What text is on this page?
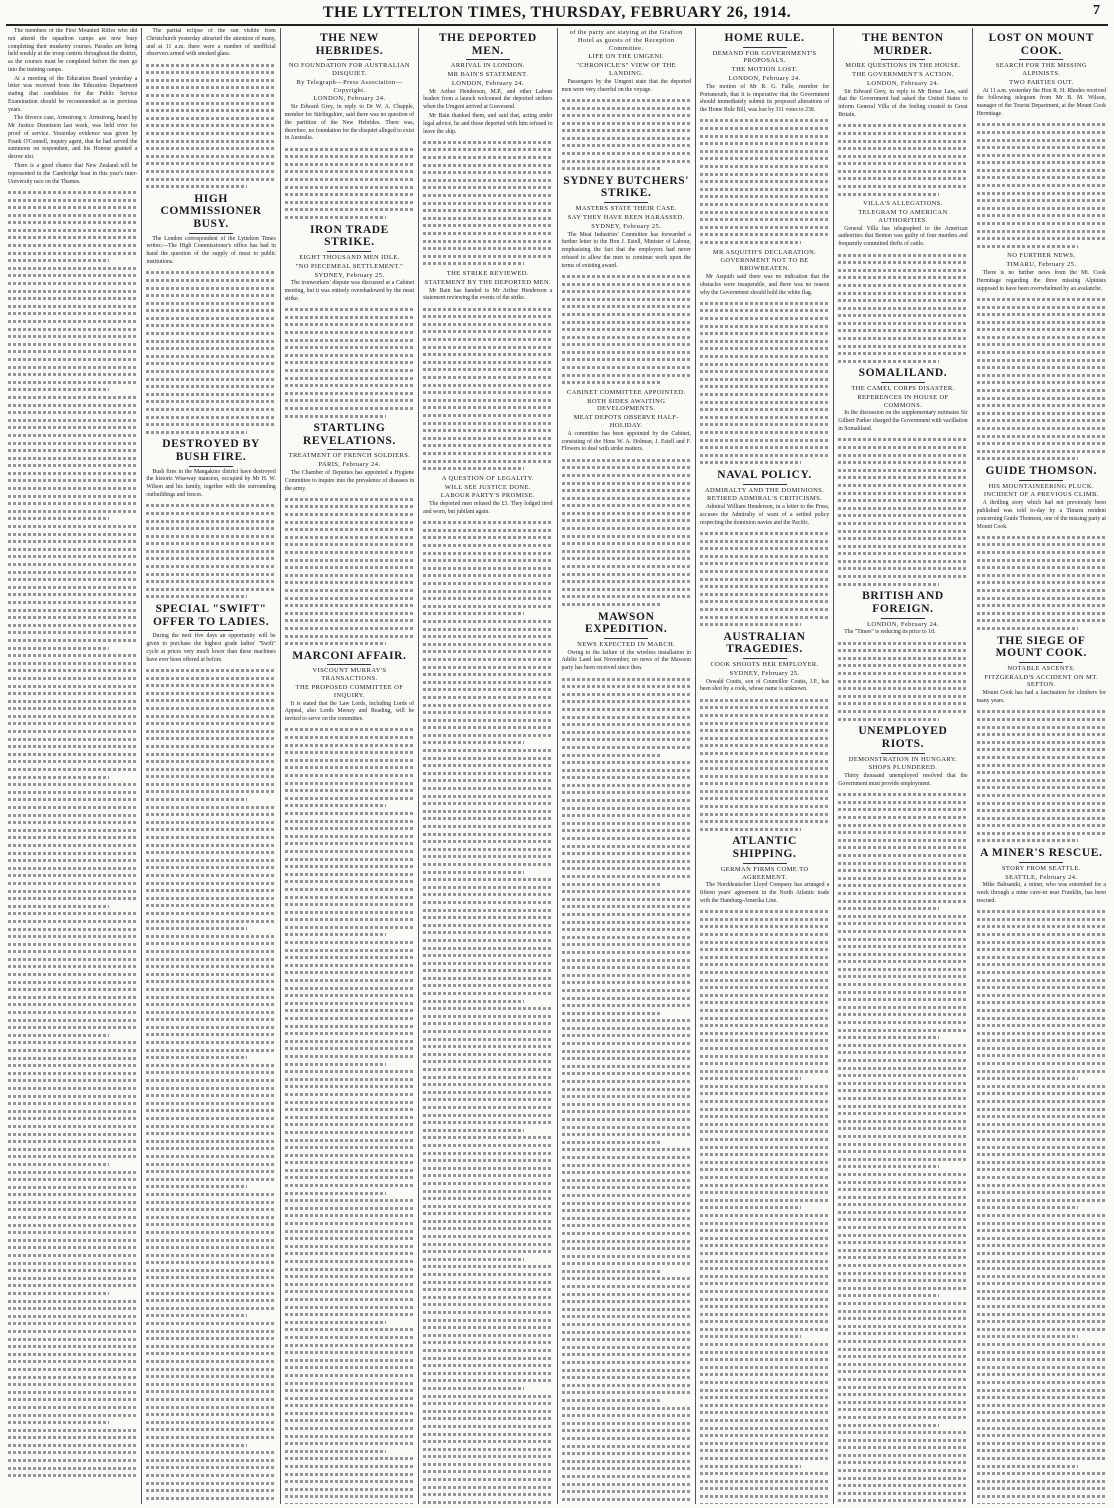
THE LYTTELTON TIMES, THURSDAY, FEBRUARY 26, 1914.	7

The members of the First Mounted Rifles who did not attend the squadron camps are now busy completing their musketry courses. Parades are being held weekly at the troop centres throughout the district, as the courses must be completed before the men go into the training camps.

At a meeting of the Education Board yesterday a letter was received from the Education Department stating that candidates for the Public Service Examination should be recommended as in previous years.

The divorce case, Armstrong v. Armstrong, heard by Mr Justice Denniston last week, was held over for proof of service. Yesterday evidence was given by Frank O'Connell, inquiry agent, that he had served the summons on respondent, and his Honour granted a decree nisi.

There is a good chance that New Zealand will be represented in the Cambridge boat in this year's inter-University race on the Thames.

The partial eclipse of the sun visible from Christchurch yesterday attracted the attention of many, and at 11 a.m. there were a number of unofficial observers armed with smoked glass.

HIGH COMMISSIONER BUSY.

The London correspondent of the Lyttelton Times writes:—The High Commissioner's office has had in hand the question of the supply of meat to public institutions.

DESTROYED BY BUSH FIRE.

Bush fires in the Mangakino district have destroyed the historic Wiseway mansion, occupied by Mr H. W. Wilson and his family, together with the surrounding outbuildings and fences.

SPECIAL "SWIFT" OFFER TO LADIES.

During the next five days an opportunity will be given to purchase the highest grade ladies' "Swift" cycle at prices very much lower than these machines have ever been offered at before.

THE NEW HEBRIDES.
NO FOUNDATION FOR AUSTRALIAN DISQUIET.
By Telegraph—Press Association—Copyright.
LONDON, February 24.

Sir Edward Grey, in reply to Dr W. A. Chapple, member for Stirlingshire, said there was no question of the partition of the New Hebrides. There was, therefore, no foundation for the disquiet alleged to exist in Australia.

IRON TRADE STRIKE.
EIGHT THOUSAND MEN IDLE.
"NO PIECEMEAL SETTLEMENT."
SYDNEY, February 25.

The ironworkers' dispute was discussed at a Cabinet meeting, but it was entirely overshadowed by the meat strike.

STARTLING REVELATIONS.
TREATMENT OF FRENCH SOLDIERS.
PARIS, February 24.

The Chamber of Deputies has appointed a Hygiene Committee to inquire into the prevalence of diseases in the army.

MARCONI AFFAIR.
VISCOUNT MURRAY'S TRANSACTIONS.
THE PROPOSED COMMITTEE OF INQUIRY.

It is stated that the Law Lords, including Lords of Appeal, also Lords Mersey and Reading, will be invited to serve on the committee.

THE DEPORTED MEN.
ARRIVAL IN LONDON.
MR BAIN'S STATEMENT.
LONDON, February 24.

Mr Arthur Henderson, M.P., and other Labour leaders from a launch welcomed the deported strikers when the Umgeni arrived at Gravesend.

Mr Bain thanked them, and said that, acting under legal advice, he and those deported with him refused to leave the ship.

THE STRIKE REVIEWED.
STATEMENT BY THE DEPORTED MEN.

Mr Bain has handed to Mr Arthur Henderson a statement reviewing the events of the strike.

A QUESTION OF LEGALITY.
WILL SEE JUSTICE DONE.
LABOUR PARTY'S PROMISE.

The deported men refused the £3. They lodged tired and worn, but jubilant again.

of the party are staying at the Grafton Hotel as guests of the Reception Committee.
LIFE ON THE UMGENI.
"CHRONICLE'S" VIEW OF THE LANDING.

Passengers by the Umgeni state that the deported men were very cheerful on the voyage.

SYDNEY BUTCHERS' STRIKE.
MASTERS STATE THEIR CASE.
SAY THEY HAVE BEEN HARASSED.
SYDNEY, February 25.

The Meat Industries' Committee has forwarded a further letter to the Hon J. Estell, Minister of Labour, emphasising the fact that the employers had never refused to allow the men to continue work upon the terms of existing award.

CABINET COMMITTEE APPOINTED.
BOTH SIDES AWAITING DEVELOPMENTS.
MEAT DEPOTS OBSERVE HALF-HOLIDAY.

A committee has been appointed by the Cabinet, consisting of the Hons W. A. Holman, J. Estell and F. Flowers to deal with strike matters.

MAWSON EXPEDITION.
NEWS EXPECTED IN MARCH.

Owing to the failure of the wireless installation in Adelie Land last November, no news of the Mawson party has been received since then.

HOME RULE.
DEMAND FOR GOVERNMENT'S PROPOSALS.
THE MOTION LOST.
LONDON, February 24.

The motion of Mr R. G. Falle, member for Portsmouth, that it is imperative that the Government should immediately submit its proposed alterations of the Home Rule Bill, was lost by 311 votes to 238.

MR ASQUITH'S DECLARATION.
GOVERNMENT NOT TO BE BROWBEATEN.

Mr Asquith said there was no indication that the obstacles were insuperable, and there was no reason why the Government should hold the white flag.

NAVAL POLICY.
ADMIRALTY AND THE DOMINIONS.
RETIRED ADMIRAL'S CRITICISMS.

Admiral William Henderson, in a letter to the Press, accuses the Admiralty of want of a settled policy respecting the dominion navies and the Pacific.

AUSTRALIAN TRAGEDIES.
COOK SHOOTS HER EMPLOYER.
SYDNEY, February 25.

Oswald Coutts, son of Councillor Coutts, J.P., has been shot by a cook, whose name is unknown.

ATLANTIC SHIPPING.
GERMAN FIRMS COME TO AGREEMENT.

The Norddeutscher Lloyd Company has arranged a fifteen years' agreement in the North Atlantic trade with the Hamburg-Amerika Line.

THE BENTON MURDER.
MORE QUESTIONS IN THE HOUSE.
THE GOVERNMENT'S ACTION.
LONDON, February 24.

Sir Edward Grey, in reply to Mr Bonar Law, said that the Government had asked the United States to inform General Villa of the feeling created in Great Britain.

VILLA'S ALLEGATIONS.
TELEGRAM TO AMERICAN AUTHORITIES.

General Villa has telegraphed to the American authorities that Benton was guilty of four murders and frequently committed thefts of cattle.

SOMALILAND.
THE CAMEL CORPS DISASTER.
REFERENCES IN HOUSE OF COMMONS.

In the discussion on the supplementary estimates Sir Gilbert Parker charged the Government with vacillation in Somaliland.

BRITISH AND FOREIGN.
LONDON, February 24.

The "Times" is reducing its price to 1d.

UNEMPLOYED RIOTS.
DEMONSTRATION IN HUNGARY.
SHOPS PLUNDERED.

Thirty thousand unemployed resolved that the Government must provide employment.

LOST ON MOUNT COOK.
SEARCH FOR THE MISSING ALPINISTS.
TWO PARTIES OUT.

At 11 a.m. yesterday the Hon R. H. Rhodes received the following telegram from Mr B. M. Wilson, manager of the Tourist Department, at the Mount Cook Hermitage.

NO FURTHER NEWS.
TIMARU, February 25.

There is no further news from the Mt. Cook Hermitage regarding the three missing Alpinists supposed to have been overwhelmed by an avalanche.

GUIDE THOMSON.
HIS MOUNTAINEERING PLUCK.
INCIDENT OF A PREVIOUS CLIMB.

A thrilling story which had not previously been published was told to-day by a Timaru resident concerning Guide Thomson, one of the missing party at Mount Cook.

THE SIEGE OF MOUNT COOK.
NOTABLE ASCENTS.
FITZGERALD'S ACCIDENT ON MT. SEFTON.

Mount Cook has had a fascination for climbers for many years.

A MINER'S RESCUE.
STORY FROM SEATTLE.
SEATTLE, February 24.

Mike Babsaniki, a miner, who was entombed for a week through a mine cave-in near Franklin, has been rescued.
